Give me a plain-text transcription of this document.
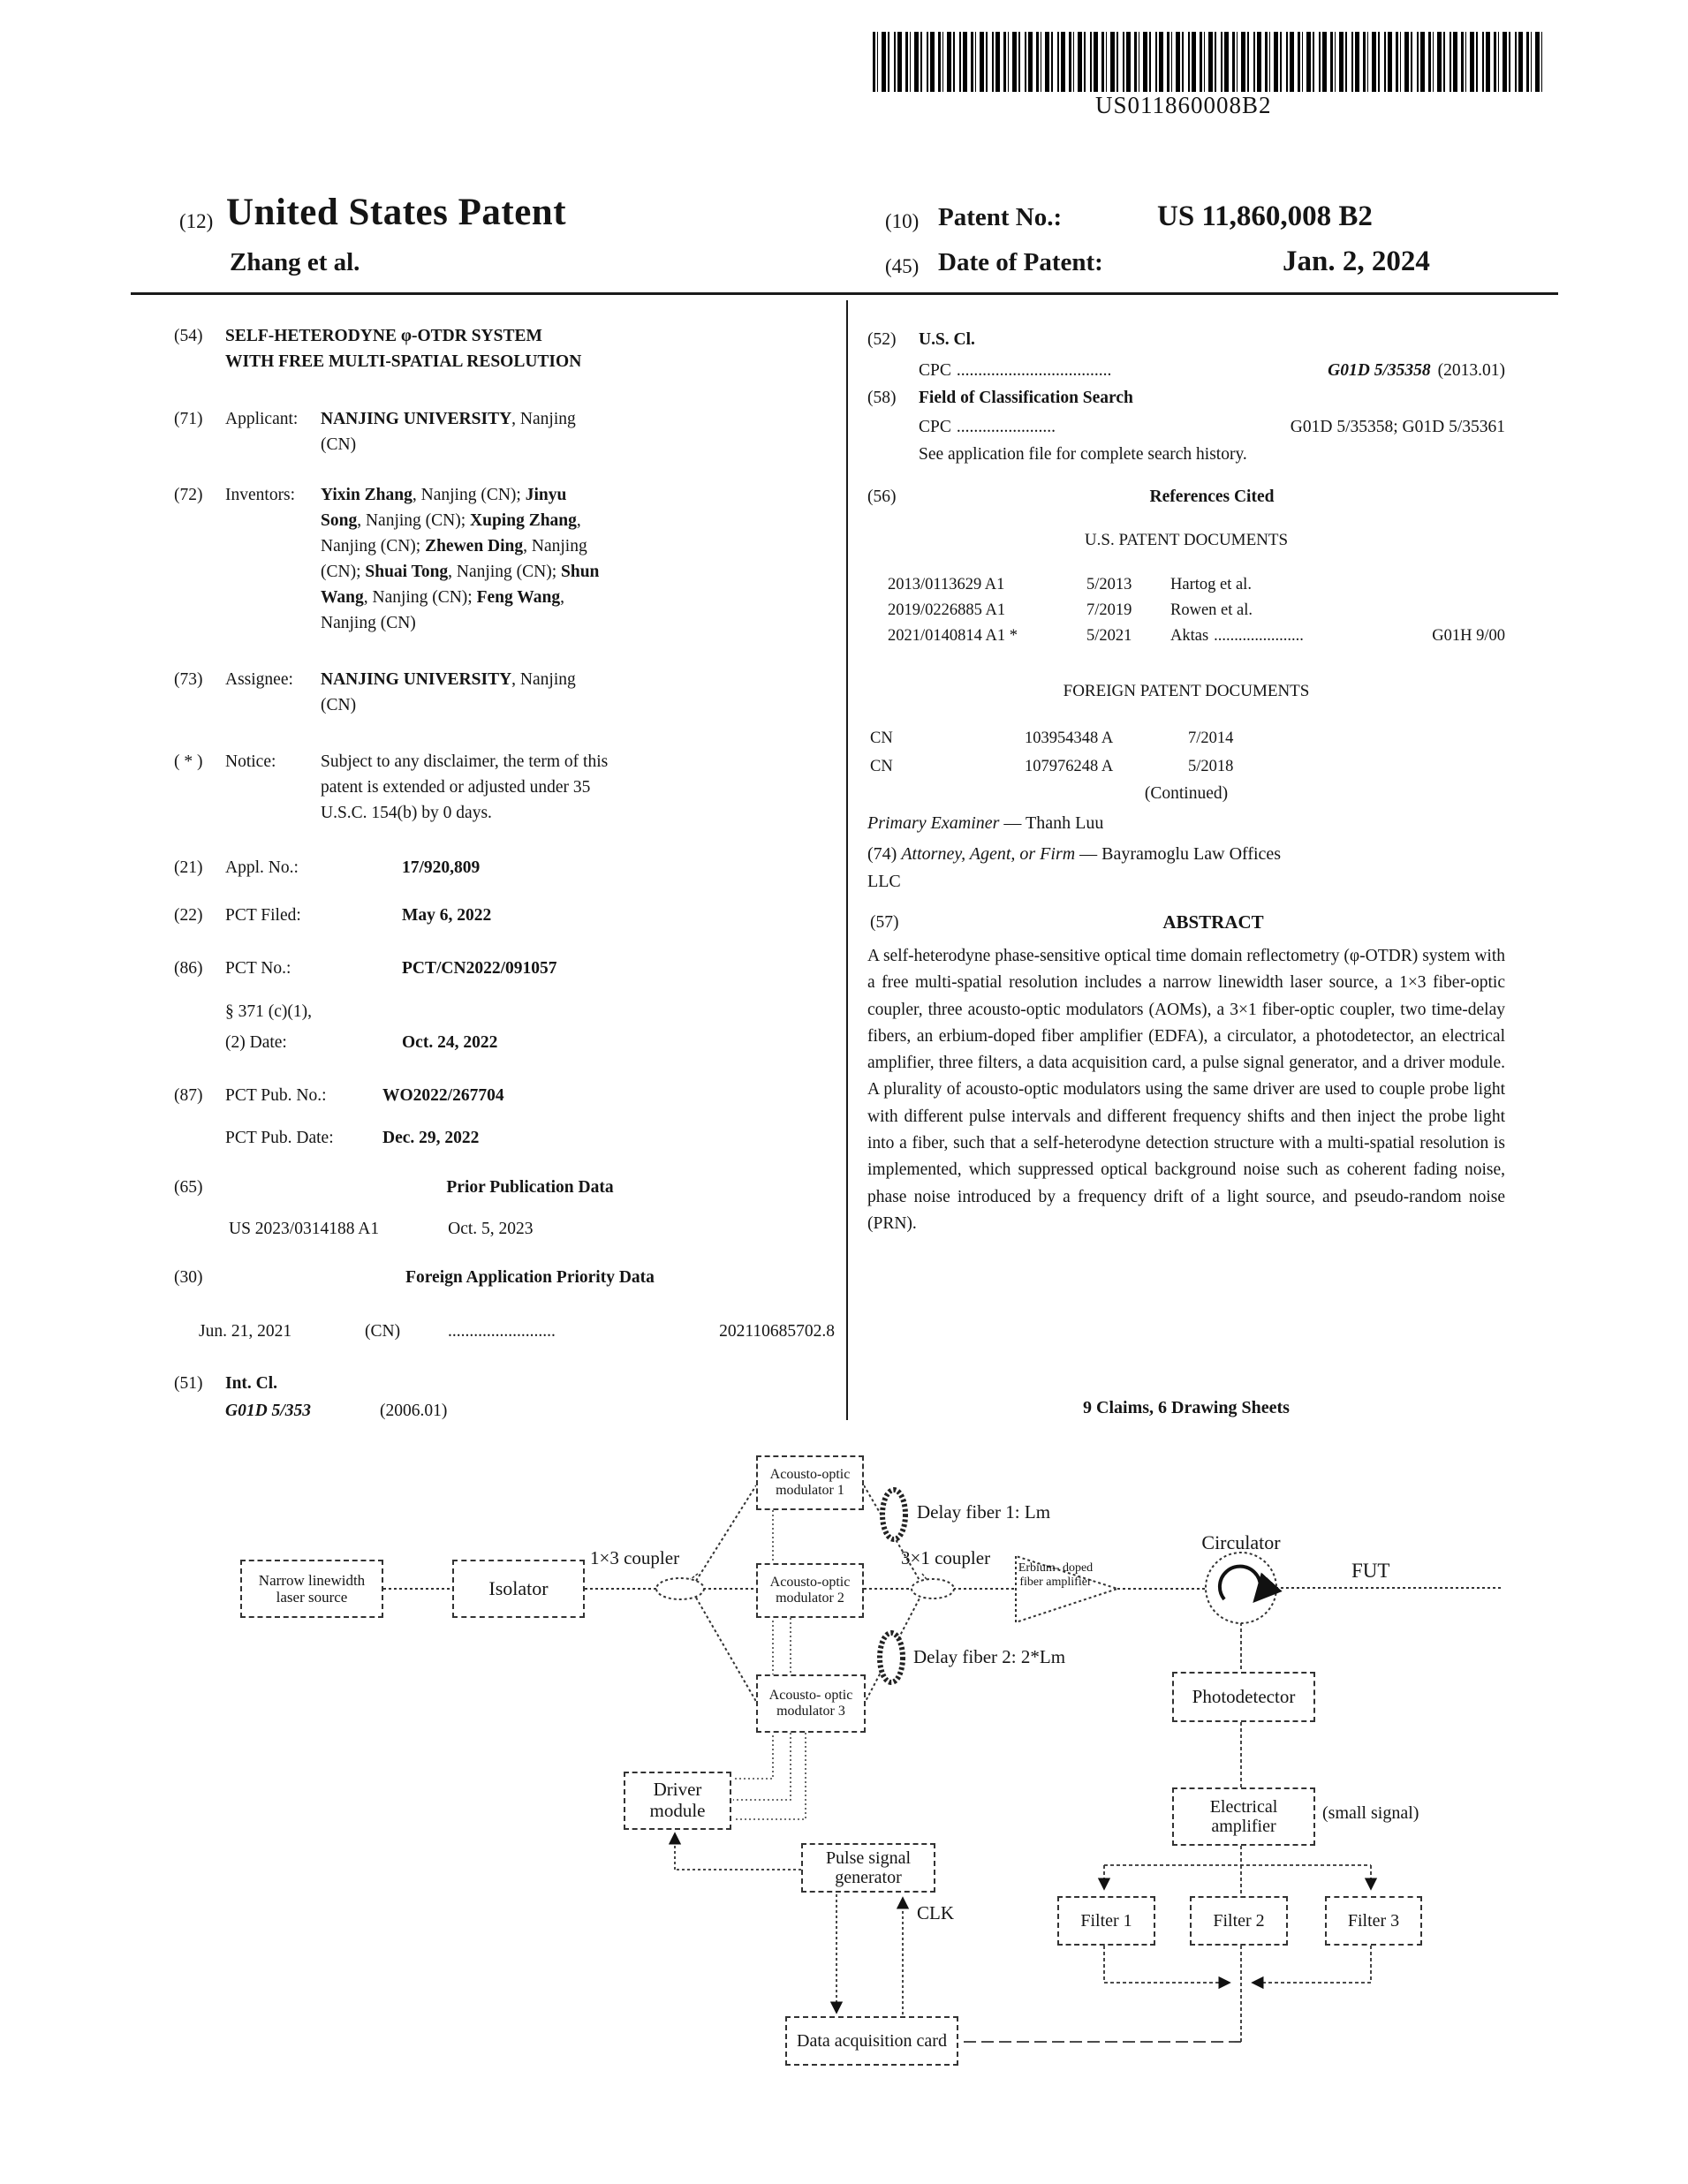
US011860008B2
(12) United States Patent
Zhang et al.
(10) Patent No.:	US 11,860,008 B2
(45) Date of Patent:	Jan. 2, 2024
(54)	SELF-HETERODYNE φ-OTDR SYSTEM
WITH FREE MULTI-SPATIAL RESOLUTION
(71)	Applicant:	NANJING UNIVERSITY, Nanjing
(CN)
(72)	Inventors:	Yixin Zhang, Nanjing (CN); Jinyu
Song, Nanjing (CN); Xuping Zhang,
Nanjing (CN); Zhewen Ding, Nanjing
(CN); Shuai Tong, Nanjing (CN); Shun
Wang, Nanjing (CN); Feng Wang,
Nanjing (CN)
(73)	Assignee:	NANJING UNIVERSITY, Nanjing
(CN)
( * )	Notice:	Subject to any disclaimer, the term of this
patent is extended or adjusted under 35
U.S.C. 154(b) by 0 days.
(21)	Appl. No.:	17/920,809
(22)	PCT Filed:	May 6, 2022
(86)	PCT No.:	PCT/CN2022/091057
§ 371 (c)(1),
(2) Date:	Oct. 24, 2022
(87)	PCT Pub. No.:	WO2022/267704
PCT Pub. Date:	Dec. 29, 2022
(65)	Prior Publication Data
US 2023/0314188 A1	Oct. 5, 2023
(30)	Foreign Application Priority Data
Jun. 21, 2021	(CN)	.........................	202110685702.8
(51)	Int. Cl.
G01D 5/353	(2006.01)
(52)	U.S. Cl.
CPC ....................................	G01D 5/35358 (2013.01)
(58)	Field of Classification Search
CPC .......................	G01D 5/35358; G01D 5/35361
See application file for complete search history.
(56)	References Cited
U.S. PATENT DOCUMENTS
2013/0113629 A1	5/2013	Hartog et al.
2019/0226885 A1	7/2019	Rowen et al.
2021/0140814 A1 *	5/2021	Aktas ......................	G01H 9/00
FOREIGN PATENT DOCUMENTS
CN	103954348 A	7/2014
CN	107976248 A	5/2018
(Continued)
Primary Examiner — Thanh Luu
(74) Attorney, Agent, or Firm — Bayramoglu Law Offices
LLC
(57)	ABSTRACT
A self-heterodyne phase-sensitive optical time domain reflectometry (φ-OTDR) system with a free multi-spatial resolution includes a narrow linewidth laser source, a 1×3 fiber-optic coupler, three acousto-optic modulators (AOMs), a 3×1 fiber-optic coupler, two time-delay fibers, an erbium-doped fiber amplifier (EDFA), a circulator, a photodetector, an electrical amplifier, three filters, a data acquisition card, a pulse signal generator, and a driver module. A plurality of acousto-optic modulators using the same driver are used to couple probe light with different pulse intervals and different frequency shifts and then inject the probe light into a fiber, such that a self-heterodyne detection structure with a multi-spatial resolution is implemented, which suppressed optical background noise such as coherent fading noise, phase noise introduced by a frequency drift of a light source, and pseudo-random noise (PRN).
9 Claims, 6 Drawing Sheets
Narrow linewidth laser source	Isolator
Acousto-optic modulator 1
Acousto-optic modulator 2
Acousto- optic modulator 3
Photodetector
Electrical amplifier
Filter 1	Filter 2	Filter 3
Driver module
Pulse signal generator
Data acquisition card
1×3 coupler	3×1 coupler
Delay fiber 1: Lm
Delay fiber 2: 2*Lm
Erbium- doped fiber amplifier
Circulator
FUT
(small signal)
CLK
